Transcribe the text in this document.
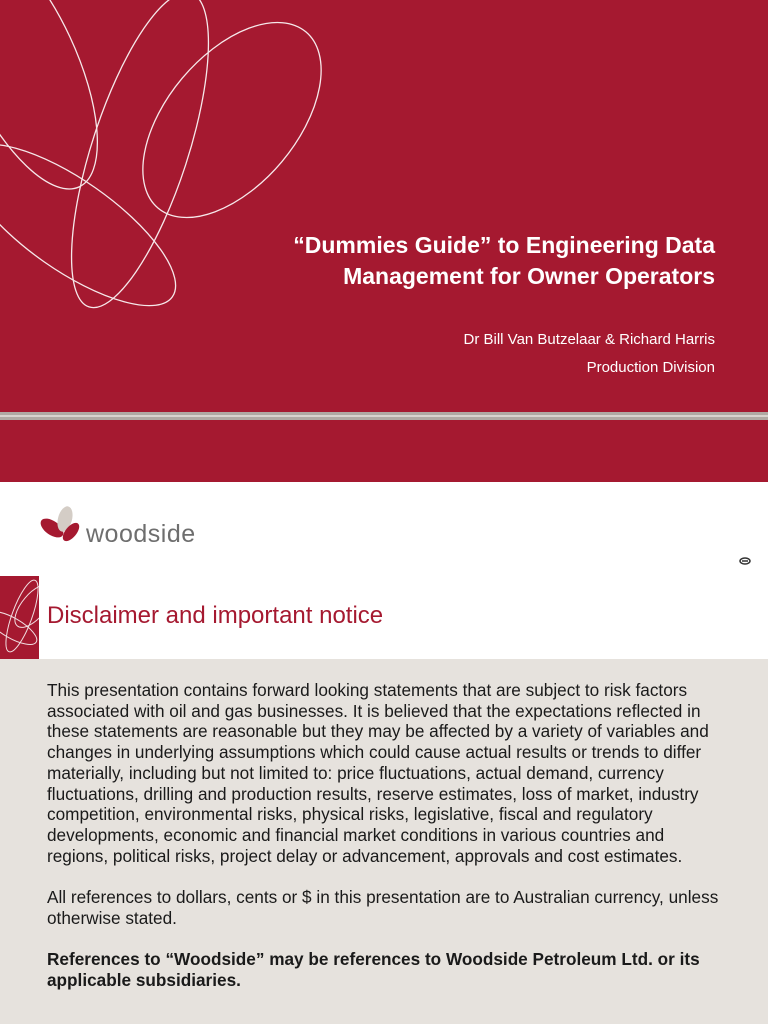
“Dummies Guide” to Engineering Data
Management for Owner Operators
Dr Bill Van Butzelaar & Richard Harris
Production Division
woodside
Disclaimer and important notice

This presentation contains forward looking statements that are subject to risk factors associated with oil and gas businesses. It is believed that the expectations reflected in these statements are reasonable but they may be affected by a variety of variables and changes in underlying assumptions which could cause actual results or trends to differ materially, including but not limited to: price fluctuations, actual demand, currency fluctuations, drilling and production results, reserve estimates, loss of market, industry competition, environmental risks, physical risks, legislative, fiscal and regulatory developments, economic and financial market conditions in various countries and regions, political risks, project delay or advancement, approvals and cost estimates.

All references to dollars, cents or $ in this presentation are to Australian currency, unless otherwise stated.

References to “Woodside” may be references to Woodside Petroleum Ltd. or its applicable subsidiaries.
